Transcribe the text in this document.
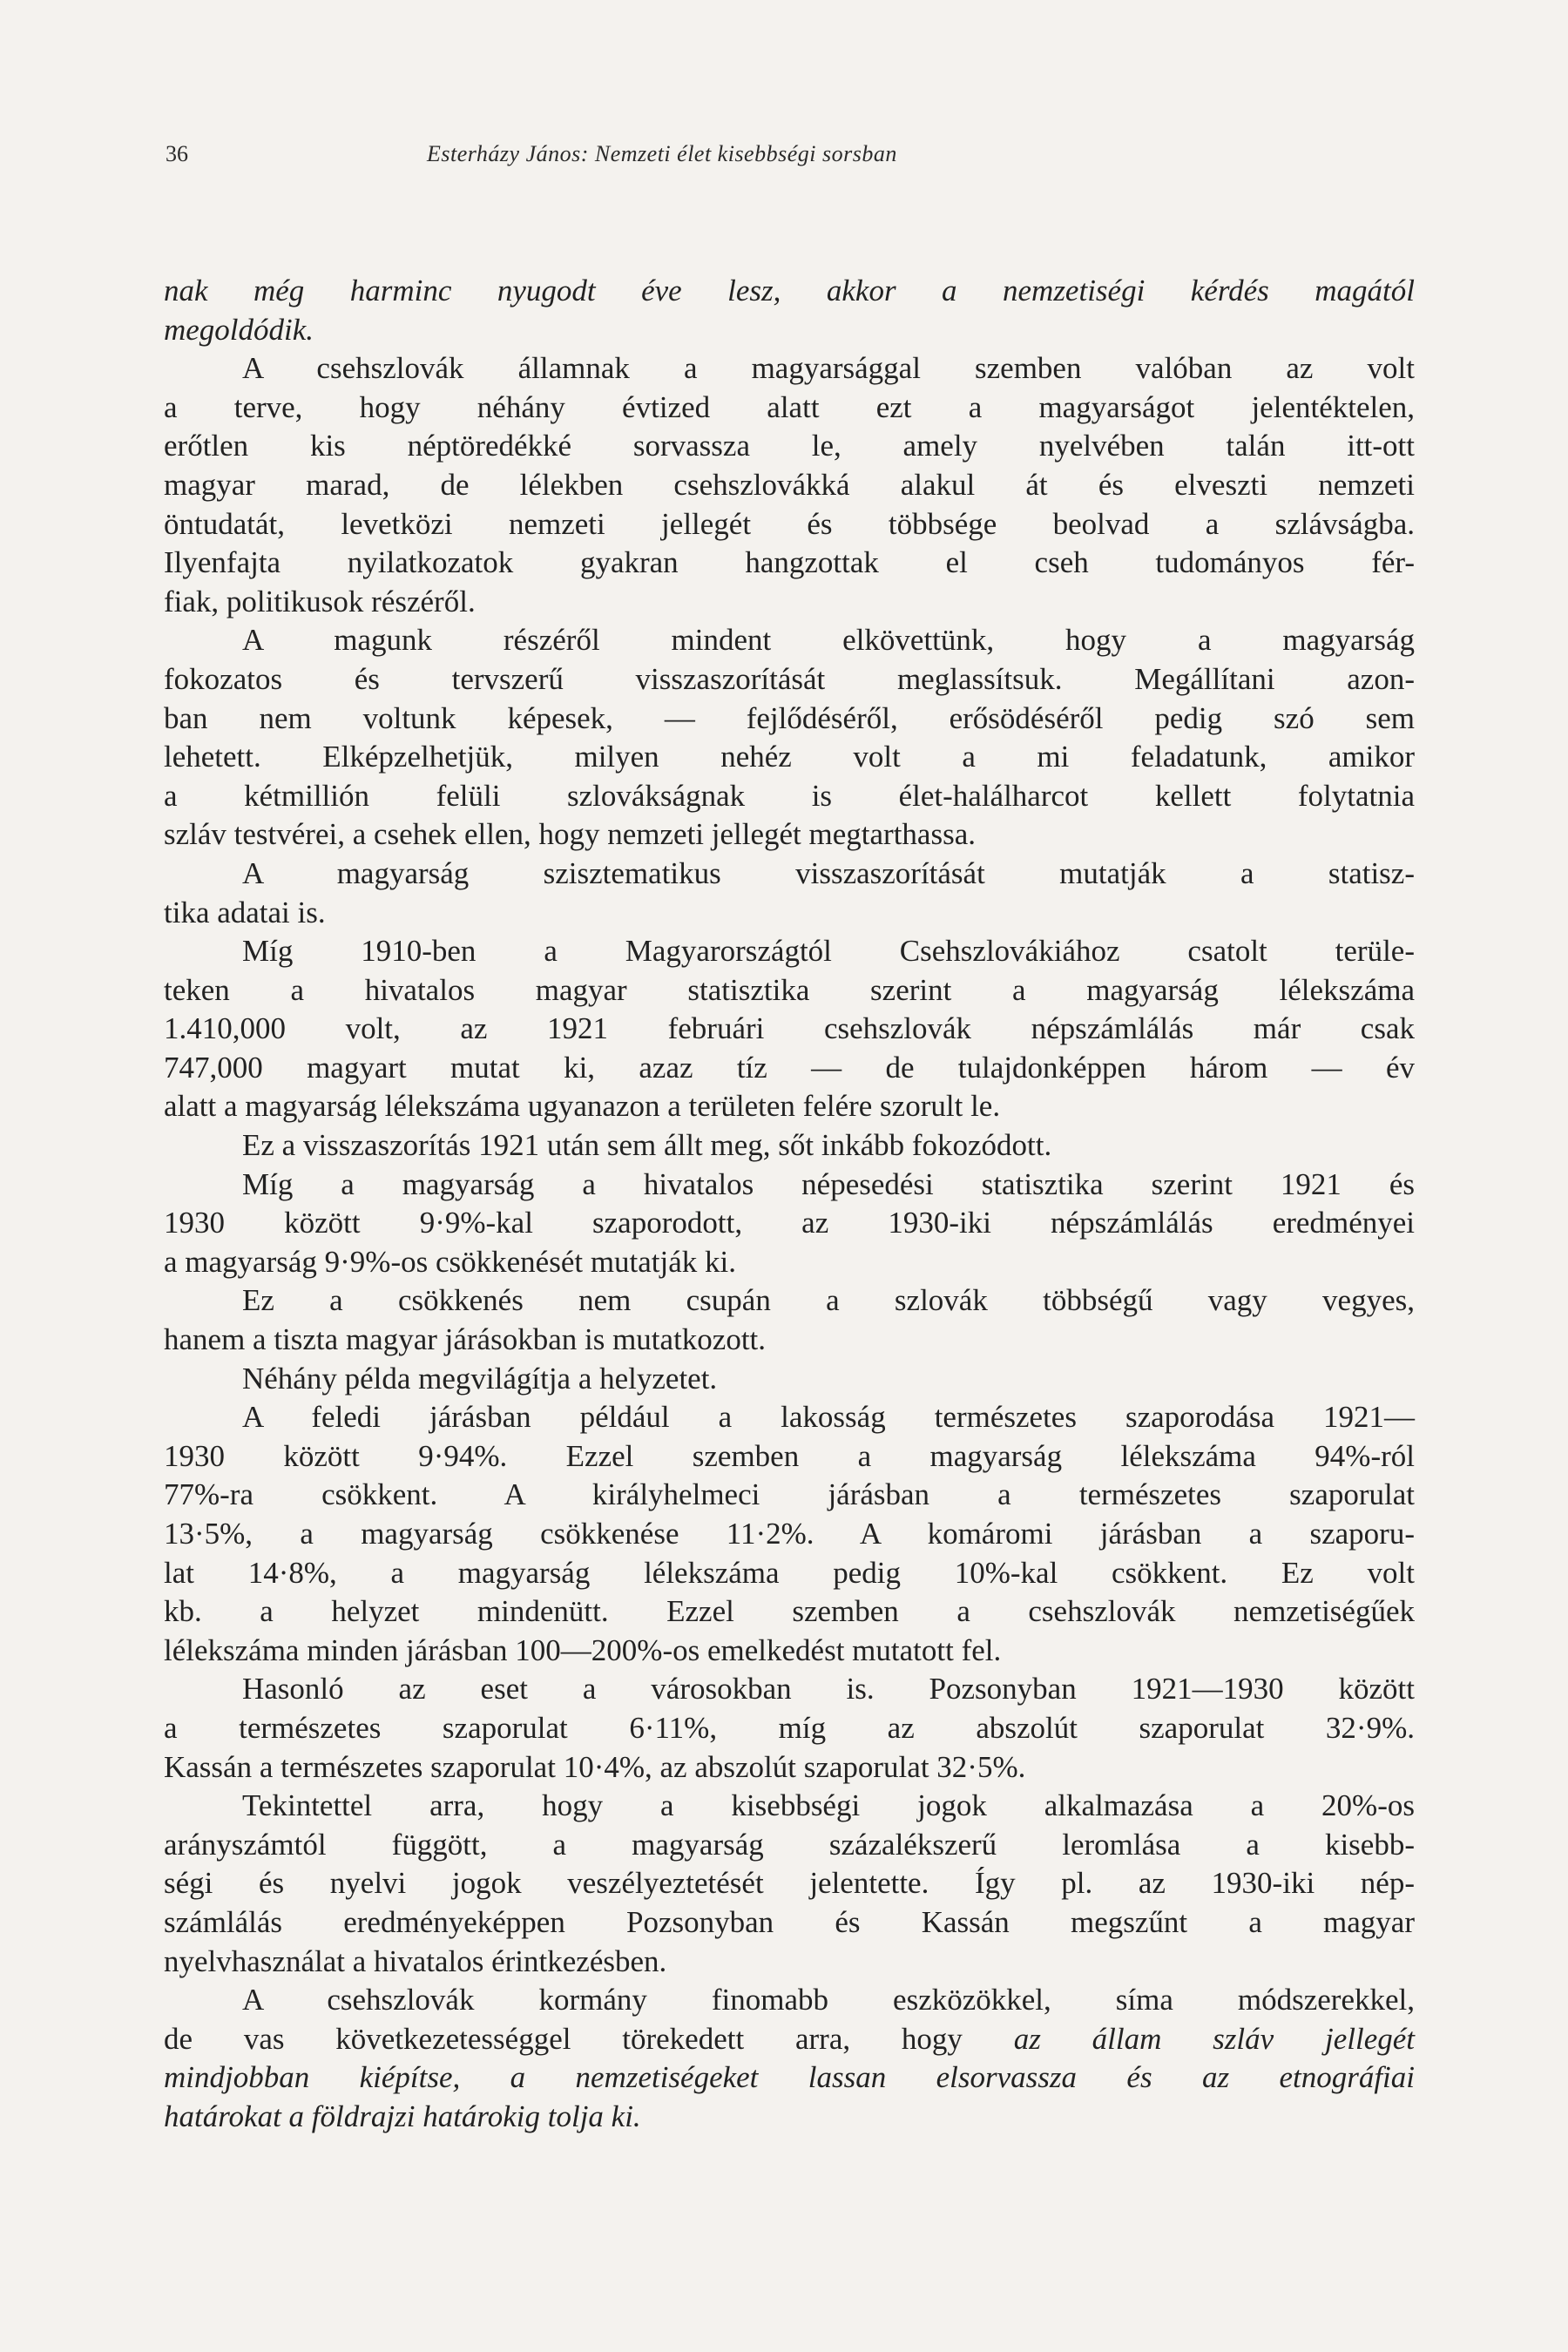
36	Esterházy János: Nemzeti élet kisebbségi sorsban
nak még harminc nyugodt éve lesz, akkor a nemzetiségi kérdés magától
megoldódik.
A csehszlovák államnak a magyarsággal szemben valóban az volt
a terve, hogy néhány évtized alatt ezt a magyarságot jelentéktelen,
erőtlen kis néptöredékké sorvassza le, amely nyelvében talán itt-ott
magyar marad, de lélekben csehszlovákká alakul át és elveszti nemzeti
öntudatát, levetközi nemzeti jellegét és többsége beolvad a szlávságba.
Ilyenfajta nyilatkozatok gyakran hangzottak el cseh tudományos fér-
fiak, politikusok részéről.
A magunk részéről mindent elkövettünk, hogy a magyarság
fokozatos és tervszerű visszaszorítását meglassítsuk. Megállítani azon-
ban nem voltunk képesek, — fejlődéséről, erősödéséről pedig szó sem
lehetett. Elképzelhetjük, milyen nehéz volt a mi feladatunk, amikor
a kétmillión felüli szlovákságnak is élet-halálharcot kellett folytatnia
szláv testvérei, a csehek ellen, hogy nemzeti jellegét megtarthassa.
A magyarság szisztematikus visszaszorítását mutatják a statisz-
tika adatai is.
Míg 1910-ben a Magyarországtól Csehszlovákiához csatolt terüle-
teken a hivatalos magyar statisztika szerint a magyarság lélekszáma
1.410,000 volt, az 1921 februári csehszlovák népszámlálás már csak
747,000 magyart mutat ki, azaz tíz — de tulajdonképpen három — év
alatt a magyarság lélekszáma ugyanazon a területen felére szorult le.
Ez a visszaszorítás 1921 után sem állt meg, sőt inkább fokozódott.
Míg a magyarság a hivatalos népesedési statisztika szerint 1921 és
1930 között 9·9%-kal szaporodott, az 1930-iki népszámlálás eredményei
a magyarság 9·9%-os csökkenését mutatják ki.
Ez a csökkenés nem csupán a szlovák többségű vagy vegyes,
hanem a tiszta magyar járásokban is mutatkozott.
Néhány példa megvilágítja a helyzetet.
A feledi járásban például a lakosság természetes szaporodása 1921—
1930 között 9·94%. Ezzel szemben a magyarság lélekszáma 94%-ról
77%-ra csökkent. A királyhelmeci járásban a természetes szaporulat
13·5%, a magyarság csökkenése 11·2%. A komáromi járásban a szaporu-
lat 14·8%, a magyarság lélekszáma pedig 10%-kal csökkent. Ez volt
kb. a helyzet mindenütt. Ezzel szemben a csehszlovák nemzetiségűek
lélekszáma minden járásban 100—200%-os emelkedést mutatott fel.
Hasonló az eset a városokban is. Pozsonyban 1921—1930 között
a természetes szaporulat 6·11%, míg az abszolút szaporulat 32·9%.
Kassán a természetes szaporulat 10·4%, az abszolút szaporulat 32·5%.
Tekintettel arra, hogy a kisebbségi jogok alkalmazása a 20%-os
arányszámtól függött, a magyarság százalékszerű leromlása a kisebb-
ségi és nyelvi jogok veszélyeztetését jelentette. Így pl. az 1930-iki nép-
számlálás eredményeképpen Pozsonyban és Kassán megszűnt a magyar
nyelvhasználat a hivatalos érintkezésben.
A csehszlovák kormány finomabb eszközökkel, síma módszerekkel,
de vas következetességgel törekedett arra, hogy az állam szláv jellegét
mindjobban kiépítse, a nemzetiségeket lassan elsorvassza és az etnográfiai
határokat a földrajzi határokig tolja ki.
